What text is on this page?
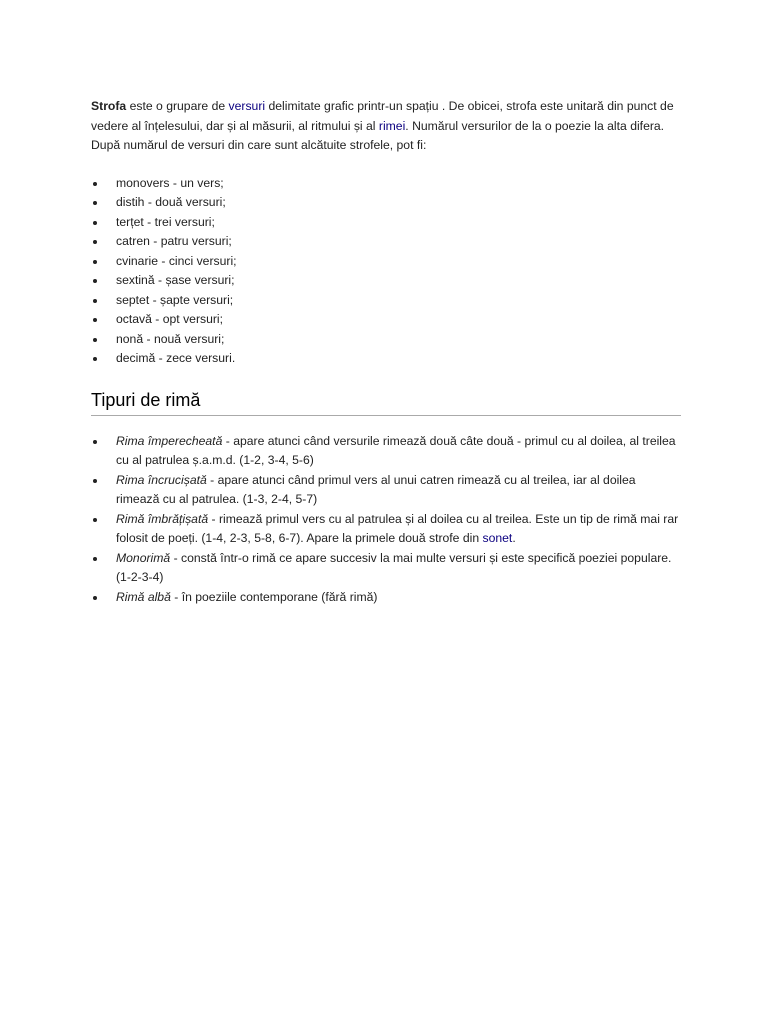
Strofa este o grupare de versuri delimitate grafic printr-un spațiu . De obicei, strofa este unitară din punct de vedere al înțelesului, dar și al măsurii, al ritmului și al rimei. Numărul versurilor de la o poezie la alta difera. După numărul de versuri din care sunt alcătuite strofele, pot fi:

monovers - un vers;
distih - două versuri;
terțet - trei versuri;
catren - patru versuri;
cvinarie - cinci versuri;
sextină - șase versuri;
septet - șapte versuri;
octavă - opt versuri;
nonă - nouă versuri;
decimă - zece versuri.
Tipuri de rimă
Rima împerecheată - apare atunci când versurile rimează două câte două - primul cu al doilea, al treilea cu al patrulea ș.a.m.d. (1-2, 3-4, 5-6)
Rima încrucișată - apare atunci când primul vers al unui catren rimează cu al treilea, iar al doilea rimează cu al patrulea. (1-3, 2-4, 5-7)
Rimă îmbrățișată - rimează primul vers cu al patrulea și al doilea cu al treilea. Este un tip de rimă mai rar folosit de poeți. (1-4, 2-3, 5-8, 6-7). Apare la primele două strofe din sonet.
Monorimă - constă într-o rimă ce apare succesiv la mai multe versuri și este specifică poeziei populare. (1-2-3-4)
Rimă albă - în poeziile contemporane (fără rimă)
